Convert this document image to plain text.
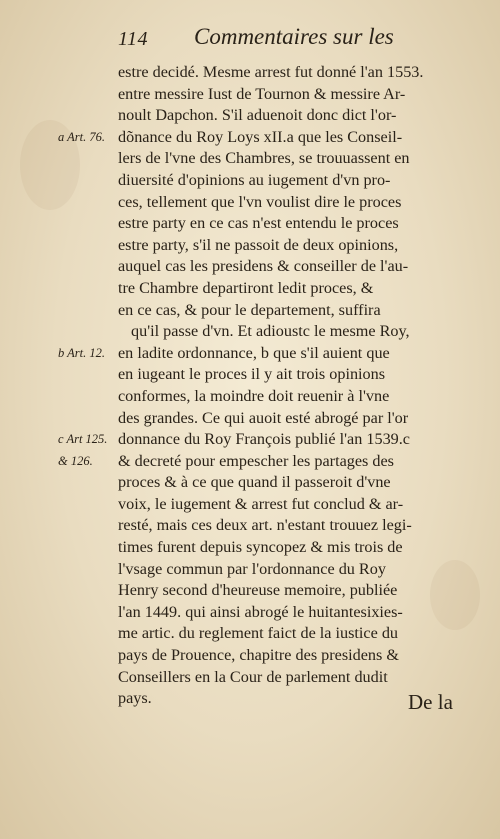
114 Commentaires sur les
estre decidé. Mesme arrest fut donné l'an 1553.
entre messire Iust de Tournon & messire Ar-
noult Dapchon. S'il aduenoit donc dict l'or-
dõnance du Roy Loys xII.a que les Conseil-
lers de l'vne des Chambres, se trouuassent en
diuersité d'opinions au iugement d'vn pro-
ces, tellement que l'vn voulist dire le proces
estre party en ce cas n'est entendu le proces
estre party, s'il ne passoit de deux opinions,
auquel cas les presidens & conseiller de l'au-
tre Chambre departiront ledit proces, &
en ce cas, & pour le departement, suffira
qu'il passe d'vn. Et adioustc le mesme Roy,
en ladite ordonnance, b que s'il auient que
en iugeant le proces il y ait trois opinions
conformes, la moindre doit reuenir à l'vne
des grandes. Ce qui auoit esté abrogé par l'or
donnance du Roy François publié l'an 1539.c
& decreté pour empescher les partages des
proces & à ce que quand il passeroit d'vne
voix, le iugement & arrest fut conclud & ar-
resté, mais ces deux art. n'estant trouuez legi-
times furent depuis syncopez & mis trois de
l'vsage commun par l'ordonnance du Roy
Henry second d'heureuse memoire, publiée
l'an 1449. qui ainsi abrogé le huitantesixies-
me artic. du reglement faict de la iustice du
pays de Prouence, chapitre des presidens &
Conseillers en la Cour de parlement dudit
pays.
a Art. 76.
b Art. 12.
c Art 125.
& 126.
De la
